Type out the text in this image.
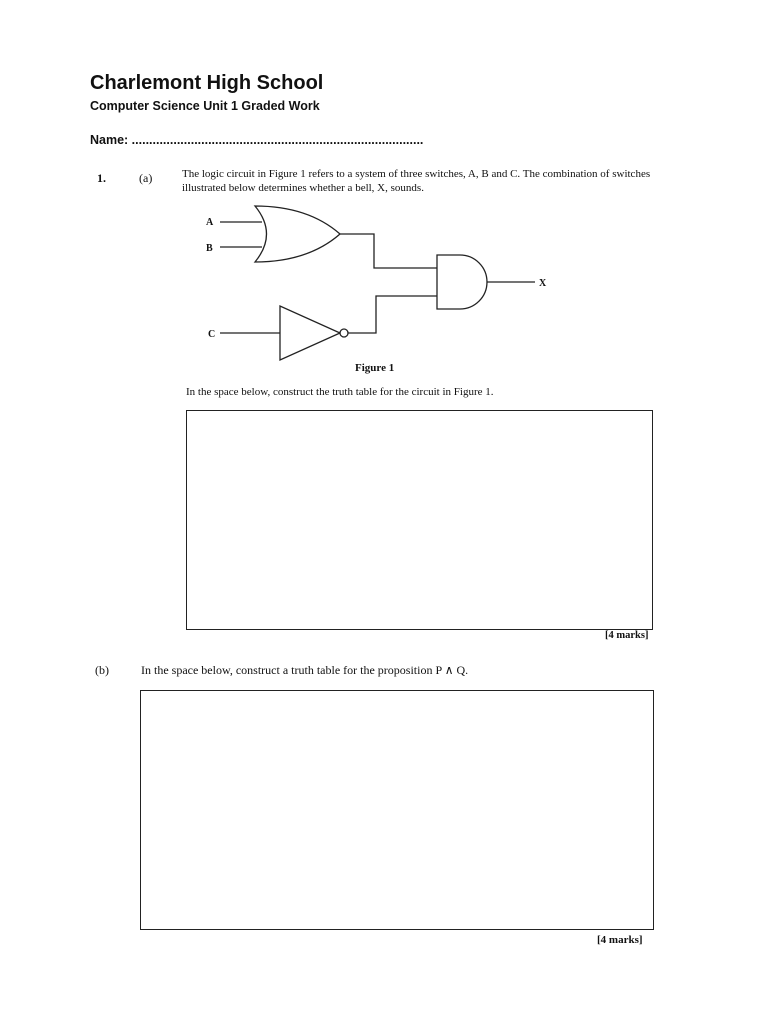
Charlemont High School
Computer Science Unit 1 Graded Work
Name: ....................................................................................
1.	(a)	The logic circuit in Figure 1 refers to a system of three switches, A, B and C. The combination of switches illustrated below determines whether a bell, X, sounds.
A
B
C
X
Figure 1
In the space below, construct the truth table for the circuit in Figure 1.
[4 marks]
(b)	In the space below, construct a truth table for the proposition P ∧ Q.
[4 marks]
